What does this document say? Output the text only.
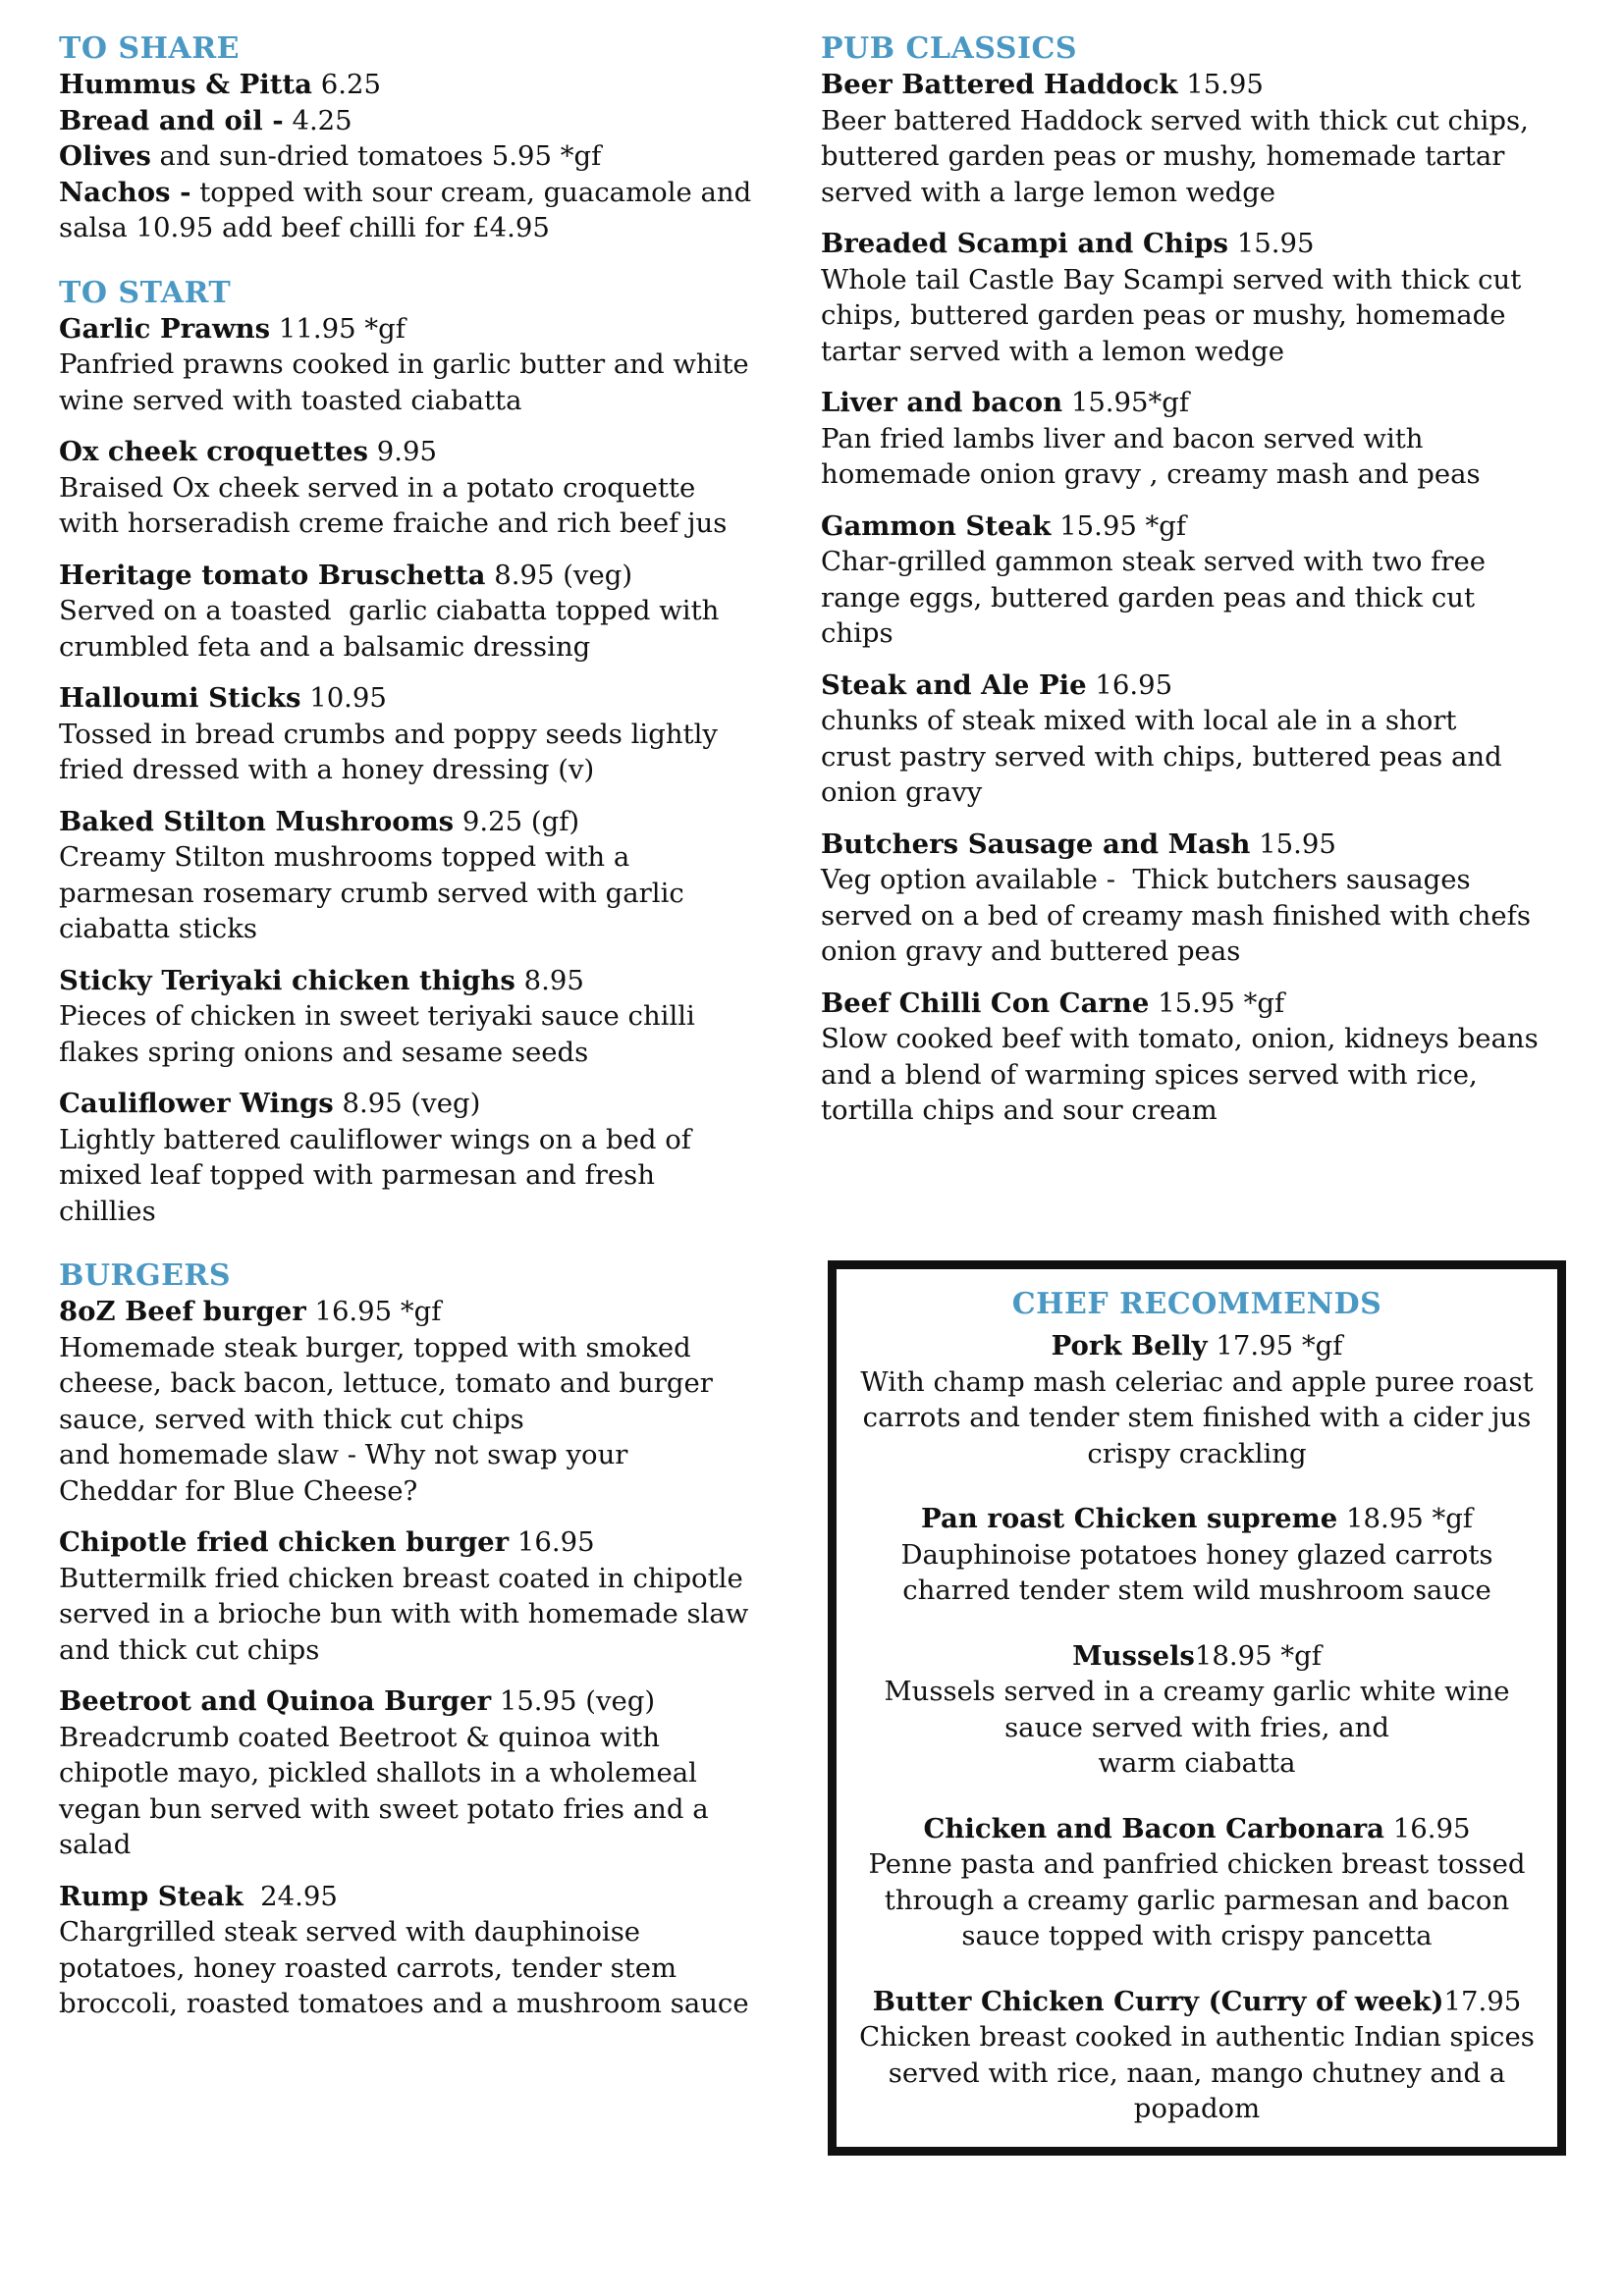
TO SHARE
Hummus & Pitta 6.25
Bread and oil - 4.25
Olives and sun-dried tomatoes 5.95 *gf
Nachos - topped with sour cream, guacamole and
salsa 10.95 add beef chilli for £4.95
TO START
Garlic Prawns 11.95 *gf
Panfried prawns cooked in garlic butter and white
wine served with toasted ciabatta
Ox cheek croquettes 9.95
Braised Ox cheek served in a potato croquette
with horseradish creme fraiche and rich beef jus
Heritage tomato Bruschetta 8.95 (veg)
Served on a toasted  garlic ciabatta topped with
crumbled feta and a balsamic dressing
Halloumi Sticks 10.95
Tossed in bread crumbs and poppy seeds lightly
fried dressed with a honey dressing (v)
Baked Stilton Mushrooms 9.25 (gf)
Creamy Stilton mushrooms topped with a
parmesan rosemary crumb served with garlic
ciabatta sticks
Sticky Teriyaki chicken thighs 8.95
Pieces of chicken in sweet teriyaki sauce chilli
flakes spring onions and sesame seeds
Cauliflower Wings 8.95 (veg)
Lightly battered cauliflower wings on a bed of
mixed leaf topped with parmesan and fresh
chillies
BURGERS
8oZ Beef burger 16.95 *gf
Homemade steak burger, topped with smoked
cheese, back bacon, lettuce, tomato and burger
sauce, served with thick cut chips
and homemade slaw - Why not swap your
Cheddar for Blue Cheese?
Chipotle fried chicken burger 16.95
Buttermilk fried chicken breast coated in chipotle
served in a brioche bun with with homemade slaw
and thick cut chips
Beetroot and Quinoa Burger 15.95 (veg)
Breadcrumb coated Beetroot & quinoa with
chipotle mayo, pickled shallots in a wholemeal
vegan bun served with sweet potato fries and a
salad
Rump Steak  24.95
Chargrilled steak served with dauphinoise
potatoes, honey roasted carrots, tender stem
broccoli, roasted tomatoes and a mushroom sauce
PUB CLASSICS
Beer Battered Haddock 15.95
Beer battered Haddock served with thick cut chips,
buttered garden peas or mushy, homemade tartar
served with a large lemon wedge
Breaded Scampi and Chips 15.95
Whole tail Castle Bay Scampi served with thick cut
chips, buttered garden peas or mushy, homemade
tartar served with a lemon wedge
Liver and bacon 15.95*gf
Pan fried lambs liver and bacon served with
homemade onion gravy , creamy mash and peas
Gammon Steak 15.95 *gf
Char-grilled gammon steak served with two free
range eggs, buttered garden peas and thick cut
chips
Steak and Ale Pie 16.95
chunks of steak mixed with local ale in a short
crust pastry served with chips, buttered peas and
onion gravy
Butchers Sausage and Mash 15.95
Veg option available -  Thick butchers sausages
served on a bed of creamy mash finished with chefs
onion gravy and buttered peas
Beef Chilli Con Carne 15.95 *gf
Slow cooked beef with tomato, onion, kidneys beans
and a blend of warming spices served with rice,
tortilla chips and sour cream
CHEF RECOMMENDS
Pork Belly 17.95 *gf
With champ mash celeriac and apple puree roast
carrots and tender stem finished with a cider jus
crispy crackling
Pan roast Chicken supreme 18.95 *gf
Dauphinoise potatoes honey glazed carrots
charred tender stem wild mushroom sauce
Mussels18.95 *gf
Mussels served in a creamy garlic white wine
sauce served with fries, and
warm ciabatta
Chicken and Bacon Carbonara 16.95
Penne pasta and panfried chicken breast tossed
through a creamy garlic parmesan and bacon
sauce topped with crispy pancetta
Butter Chicken Curry (Curry of week)17.95
Chicken breast cooked in authentic Indian spices
served with rice, naan, mango chutney and a
popadom
